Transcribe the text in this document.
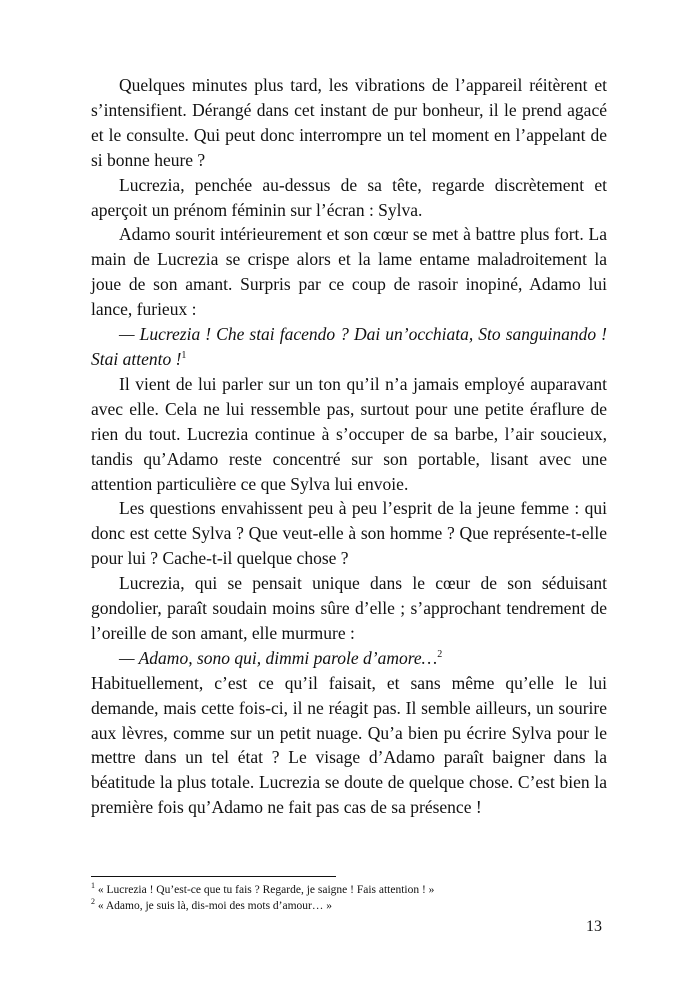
Quelques minutes plus tard, les vibrations de l’appareil réitèrent et s’intensifient. Dérangé dans cet instant de pur bonheur, il le prend agacé et le consulte. Qui peut donc interrompre un tel moment en l’appelant de si bonne heure ?

Lucrezia, penchée au-dessus de sa tête, regarde discrètement et aperçoit un prénom féminin sur l’écran : Sylva.

Adamo sourit intérieurement et son cœur se met à battre plus fort. La main de Lucrezia se crispe alors et la lame entame maladroitement la joue de son amant. Surpris par ce coup de rasoir inopiné, Adamo lui lance, furieux :

— Lucrezia ! Che stai facendo ? Dai un’occhiata, Sto sanguinando ! Stai attento !$^1$

Il vient de lui parler sur un ton qu’il n’a jamais employé auparavant avec elle. Cela ne lui ressemble pas, surtout pour une petite éraflure de rien du tout. Lucrezia continue à s’occuper de sa barbe, l’air soucieux, tandis qu’Adamo reste concentré sur son portable, lisant avec une attention particulière ce que Sylva lui envoie.

Les questions envahissent peu à peu l’esprit de la jeune femme : qui donc est cette Sylva ? Que veut-elle à son homme ? Que représente-t-elle pour lui ? Cache-t-il quelque chose ?

Lucrezia, qui se pensait unique dans le cœur de son séduisant gondolier, paraît soudain moins sûre d’elle ; s’approchant tendrement de l’oreille de son amant, elle murmure :

— Adamo, sono qui, dimmi parole d’amore…$^2$

Habituellement, c’est ce qu’il faisait, et sans même qu’elle le lui demande, mais cette fois-ci, il ne réagit pas. Il semble ailleurs, un sourire aux lèvres, comme sur un petit nuage. Qu’a bien pu écrire Sylva pour le mettre dans un tel état ? Le visage d’Adamo paraît baigner dans la béatitude la plus totale. Lucrezia se doute de quelque chose. C’est bien la première fois qu’Adamo ne fait pas cas de sa présence !

$^1$ « Lucrezia ! Qu’est-ce que tu fais ? Regarde, je saigne ! Fais attention ! »

$^2$ « Adamo, je suis là, dis-moi des mots d’amour… »

13
